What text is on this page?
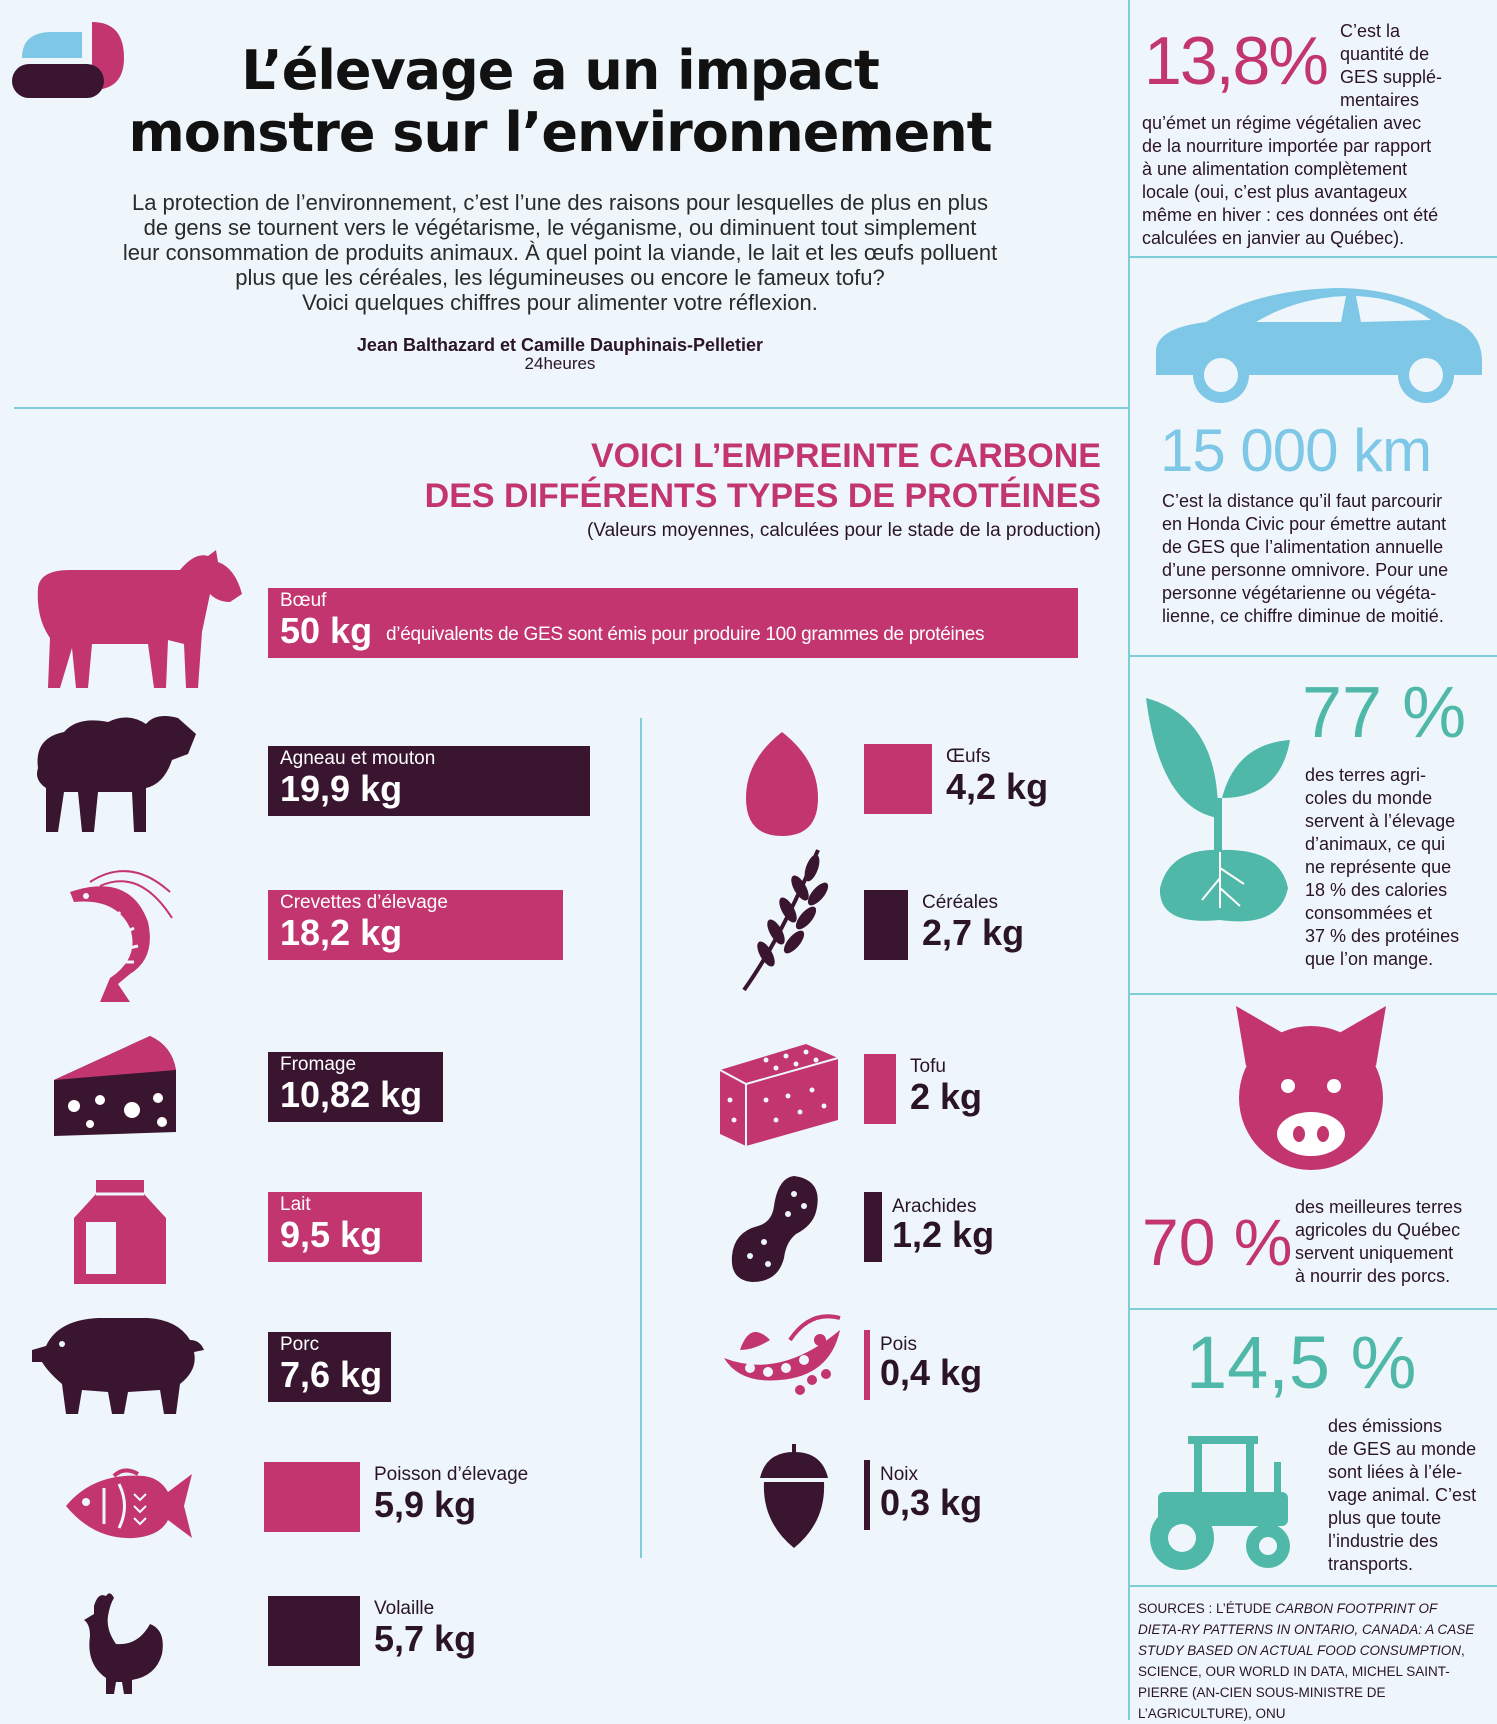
L’élevage a un impact
monstre sur l’environnement
La protection de l’environnement, c’est l’une des raisons pour lesquelles de plus en plus
de gens se tournent vers le végétarisme, le véganisme, ou diminuent tout simplement
leur consommation de produits animaux. À quel point la viande, le lait et les œufs polluent
plus que les céréales, les légumineuses ou encore le fameux tofu?
Voici quelques chiffres pour alimenter votre réflexion.
Jean Balthazard et Camille Dauphinais-Pelletier
24heures
VOICI L’EMPREINTE CARBONE
DES DIFFÉRENTS TYPES DE PROTÉINES
(Valeurs moyennes, calculées pour le stade de la production)
Bœuf
50 kg d’équivalents de GES sont émis pour produire 100 grammes de protéines
Agneau et mouton
19,9 kg
Crevettes d’élevage
18,2 kg
Fromage
10,82 kg
Lait
9,5 kg
Porc
7,6 kg
Poisson d’élevage
5,9 kg
Volaille
5,7 kg
Œufs
4,2 kg
Céréales
2,7 kg
Tofu
2 kg
Arachides
1,2 kg
Pois
0,4 kg
Noix
0,3 kg
13,8% C’est la
quantité de
GES supplé-
mentaires
qu’émet un régime végétalien avec
de la nourriture importée par rapport
à une alimentation complètement
locale (oui, c’est plus avantageux
même en hiver : ces données ont été
calculées en janvier au Québec).
15 000 km
C’est la distance qu’il faut parcourir
en Honda Civic pour émettre autant
de GES que l’alimentation annuelle
d’une personne omnivore. Pour une
personne végétarienne ou végéta-
lienne, ce chiffre diminue de moitié.
77 %
des terres agri-
coles du monde
servent à l’élevage
d’animaux, ce qui
ne représente que
18 % des calories
consommées et
37 % des protéines
que l’on mange.
70 % des meilleures terres
agricoles du Québec
servent uniquement
à nourrir des porcs.
14,5 %
des émissions
de GES au monde
sont liées à l’éle-
vage animal. C’est
plus que toute
l’industrie des
transports.
SOURCES : L’ÉTUDE CARBON FOOTPRINT OF DIETA-RY PATTERNS IN ONTARIO, CANADA: A CASE STUDY BASED ON ACTUAL FOOD CONSUMPTION, SCIENCE, OUR WORLD IN DATA, MICHEL SAINT-PIERRE (AN-CIEN SOUS-MINISTRE DE L’AGRICULTURE), ONU
